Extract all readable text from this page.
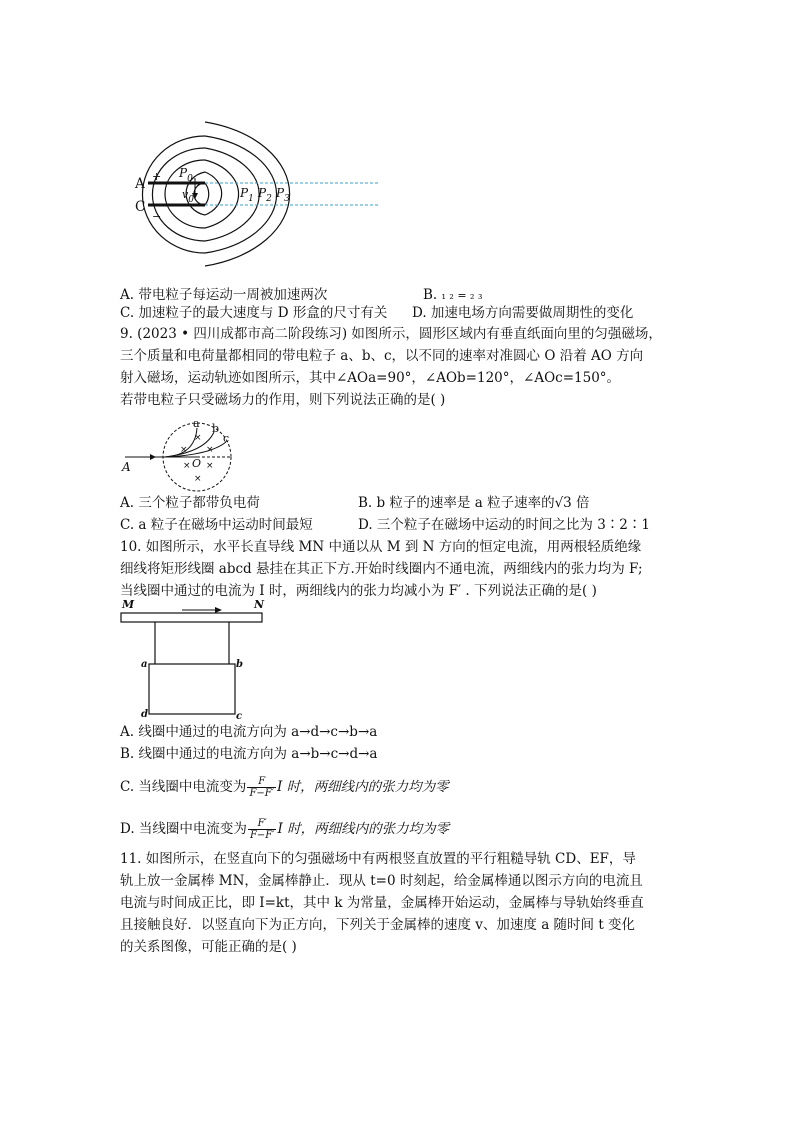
A +
C
−
$P_0$
$v_0$	$P_1$ $P_2$ $P_3$
A. 带电粒子每运动一周被加速两次	B. ₁ ₂ = ₂ ₃
C. 加速粒子的最大速度与 D 形盒的尺寸有关 D. 加速电场方向需要做周期性的变化
9. (2023 • 四川成都市高二阶段练习) 如图所示，圆形区域内有垂直纸面向里的匀强磁场，
三个质量和电荷量都相同的带电粒子 a、b、c，以不同的速率对准圆心 O 沿着 AO 方向
射入磁场，运动轨迹如图所示，其中∠AOa=90°，∠AOb=120°，∠AOc=150°。
若带电粒子只受磁场力的作用，则下列说法正确的是( )
×
× ×
× ×
×
A	O
a b
c
A. 三个粒子都带负电荷	B. b 粒子的速率是 a 粒子速率的√3 倍
C. a 粒子在磁场中运动时间最短	D. 三个粒子在磁场中运动的时间之比为 3∶2∶1
10. 如图所示，水平长直导线 MN 中通以从 M 到 N 方向的恒定电流，用两根轻质绝缘
细线将矩形线圈 abcd 悬挂在其正下方.开始时线圈内不通电流，两细线内的张力均为 F;
当线圈中通过的电流为 I 时，两细线内的张力均减小为 F′ . 下列说法正确的是( )
M	N
a	b
d	c
A. 线圈中通过的电流方向为 a→d→c→b→a
B. 线圈中通过的电流方向为 a→b→c→d→a
C. 当线圈中电流变为 $\frac{F}{F-F'}$ I 时，两细线内的张力均为零
D. 当线圈中电流变为 $\frac{F'}{F-F'}$ I 时，两细线内的张力均为零
11. 如图所示，在竖直向下的匀强磁场中有两根竖直放置的平行粗糙导轨 CD、EF，导
轨上放一金属棒 MN，金属棒静止．现从 t=0 时刻起，给金属棒通以图示方向的电流且
电流与时间成正比，即 I=kt，其中 k 为常量，金属棒开始运动，金属棒与导轨始终垂直
且接触良好．以竖直向下为正方向，下列关于金属棒的速度 v、加速度 a 随时间 t 变化
的关系图像，可能正确的是( )
